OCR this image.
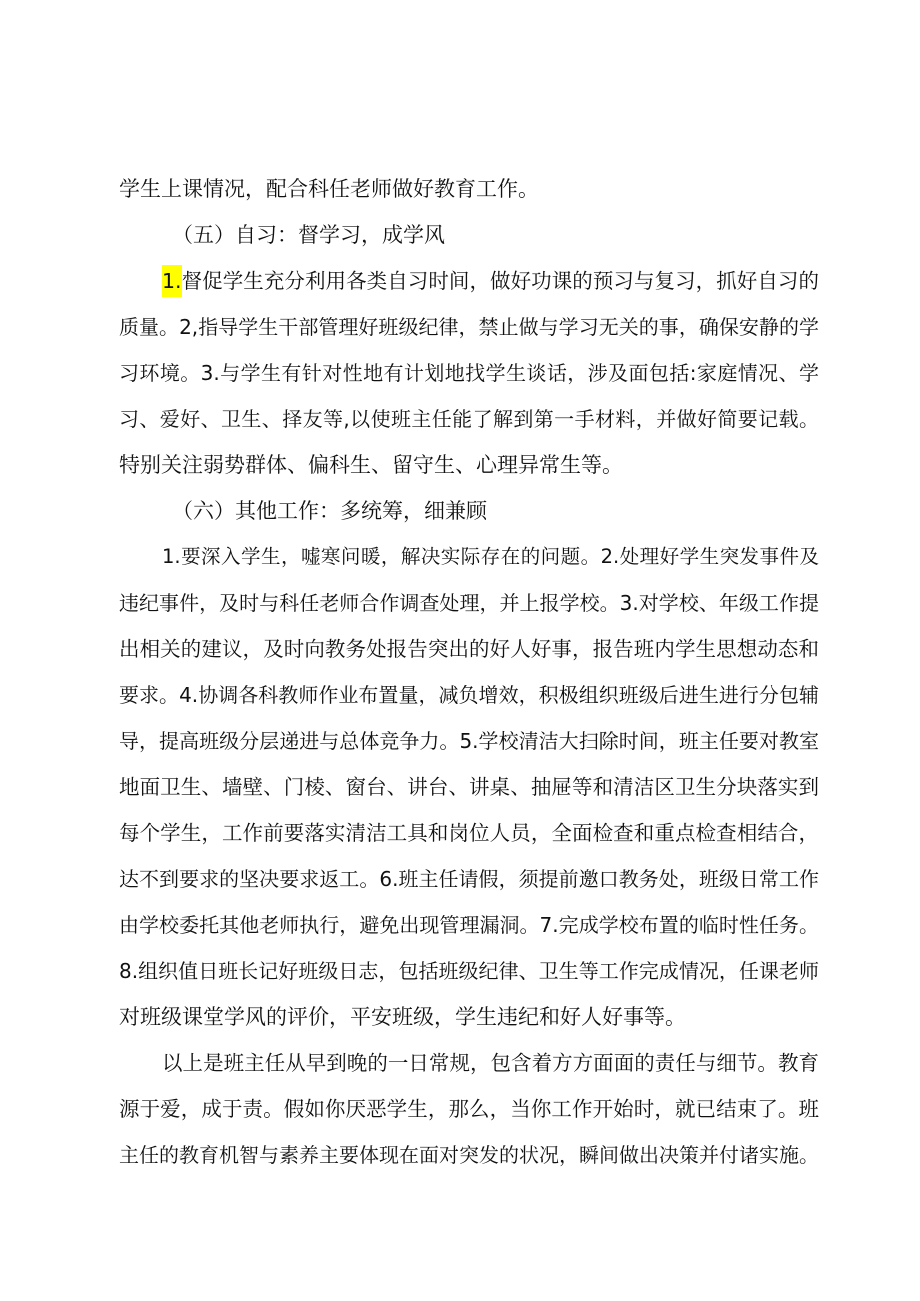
学生上课情况，配合科任老师做好教育工作。
（五）自习：督学习，成学风
1.督促学生充分利用各类自习时间，做好功课的预习与复习，抓好自习的
质量。2,指导学生干部管理好班级纪律，禁止做与学习无关的事，确保安静的学
习环境。3.与学生有针对性地有计划地找学生谈话，涉及面包括:家庭情况、学
习、爱好、卫生、择友等,以使班主任能了解到第一手材料，并做好简要记载。
特别关注弱势群体、偏科生、留守生、心理异常生等。
（六）其他工作：多统筹，细兼顾
1.要深入学生，嘘寒问暖，解决实际存在的问题。2.处理好学生突发事件及
违纪事件，及时与科任老师合作调查处理，并上报学校。3.对学校、年级工作提
出相关的建议，及时向教务处报告突出的好人好事，报告班内学生思想动态和
要求。4.协调各科教师作业布置量，减负增效，积极组织班级后进生进行分包辅
导，提高班级分层递进与总体竞争力。5.学校清洁大扫除时间，班主任要对教室
地面卫生、墙壁、门棱、窗台、讲台、讲桌、抽屉等和清洁区卫生分块落实到
每个学生，工作前要落实清洁工具和岗位人员，全面检查和重点检查相结合，
达不到要求的坚决要求返工。6.班主任请假，须提前邀口教务处，班级日常工作
由学校委托其他老师执行，避免出现管理漏洞。7.完成学校布置的临时性任务。
8.组织值日班长记好班级日志，包括班级纪律、卫生等工作完成情况，任课老师
对班级课堂学风的评价，平安班级，学生违纪和好人好事等。
以上是班主任从早到晚的一日常规，包含着方方面面的责任与细节。教育
源于爱，成于责。假如你厌恶学生，那么，当你工作开始时，就已结束了。班
主任的教育机智与素养主要体现在面对突发的状况，瞬间做出决策并付诸实施。
